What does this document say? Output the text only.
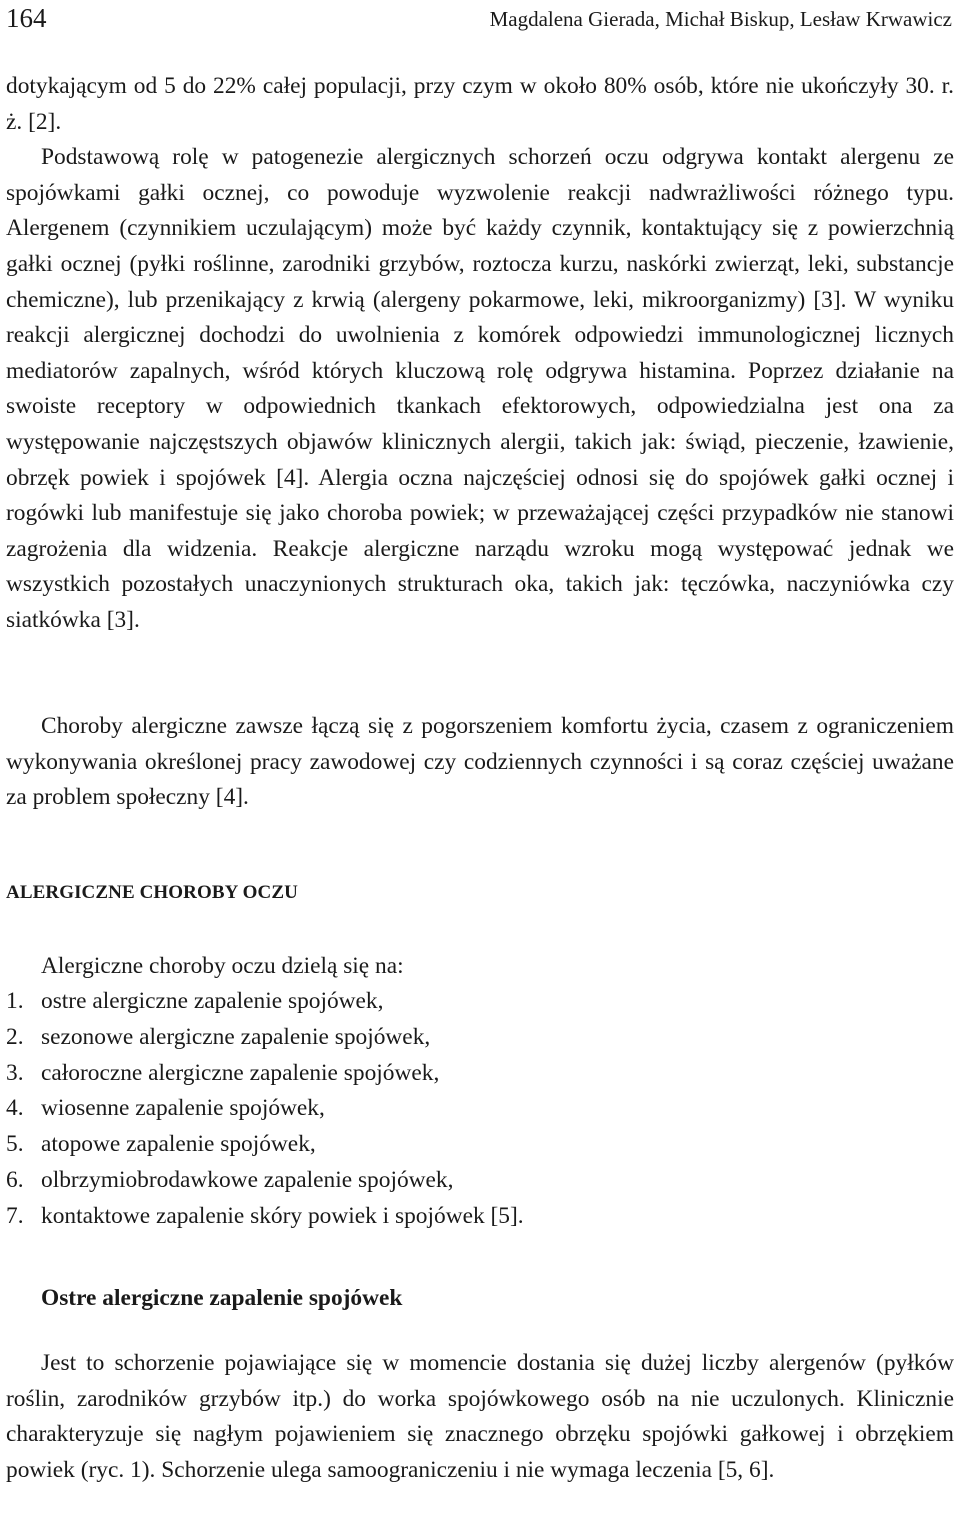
164	Magdalena Gierada, Michał Biskup, Lesław Krwawicz

dotykającym od 5 do 22% całej populacji, przy czym w około 80% osób, które nie ukończyły 30. r. ż. [2].
Podstawową rolę w patogenezie alergicznych schorzeń oczu odgrywa kontakt alergenu ze spojówkami gałki ocznej, co powoduje wyzwolenie reakcji nadwrażliwości różnego typu. Alergenem (czynnikiem uczulającym) może być każdy czynnik, kontaktujący się z powierzchnią gałki ocznej (pyłki roślinne, zarodniki grzybów, roztocza kurzu, naskórki zwierząt, leki, substancje chemiczne), lub przenikający z krwią (alergeny pokarmowe, leki, mikroorganizmy) [3]. W wyniku reakcji alergicznej dochodzi do uwolnienia z komórek odpowiedzi immunologicznej licznych mediatorów zapalnych, wśród których kluczową rolę odgrywa histamina. Poprzez działanie na swoiste receptory w odpowiednich tkankach efektorowych, odpowiedzialna jest ona za występowanie najczęstszych objawów klinicznych alergii, takich jak: świąd, pieczenie, łzawienie, obrzęk powiek i spojówek [4]. Alergia oczna najczęściej odnosi się do spojówek gałki ocznej i rogówki lub manifestuje się jako choroba powiek; w przeważającej części przypadków nie stanowi zagrożenia dla widzenia. Reakcje alergiczne narządu wzroku mogą występować jednak we wszystkich pozostałych unaczynionych strukturach oka, takich jak: tęczówka, naczyniówka czy siatkówka [3].

Choroby alergiczne zawsze łączą się z pogorszeniem komfortu życia, czasem z ograniczeniem wykonywania określonej pracy zawodowej czy codziennych czynności i są coraz częściej uważane za problem społeczny [4].

ALERGICZNE CHOROBY OCZU

Alergiczne choroby oczu dzielą się na:

1. ostre alergiczne zapalenie spojówek,
2. sezonowe alergiczne zapalenie spojówek,
3. całoroczne alergiczne zapalenie spojówek,
4. wiosenne zapalenie spojówek,
5. atopowe zapalenie spojówek,
6. olbrzymiobrodawkowe zapalenie spojówek,
7. kontaktowe zapalenie skóry powiek i spojówek [5].
Ostre alergiczne zapalenie spojówek

Jest to schorzenie pojawiające się w momencie dostania się dużej liczby alergenów (pyłków roślin, zarodników grzybów itp.) do worka spojówkowego osób na nie uczulonych. Klinicznie charakteryzuje się nagłym pojawieniem się znacznego obrzęku spojówki gałkowej i obrzękiem powiek (ryc. 1). Schorzenie ulega samoograniczeniu i nie wymaga leczenia [5, 6].
